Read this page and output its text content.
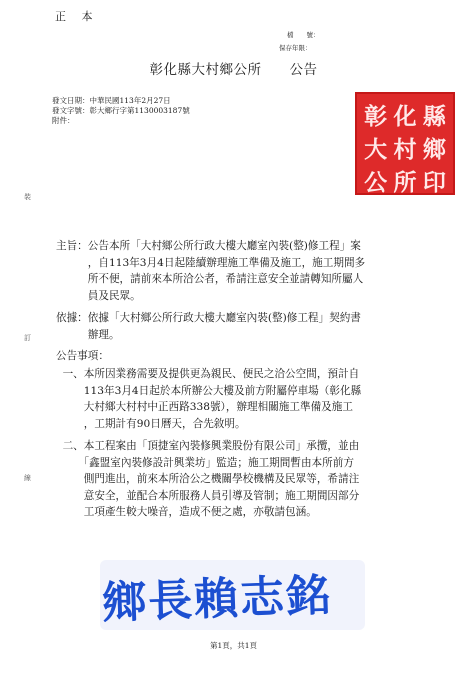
正 本
檔　　號：
保存年限：
彰化縣大村鄉公所　　公告
彰 化 縣
大 村 鄉
公 所 印
發文日期：中華民國113年2月27日
發文字號：彰大鄉行字第1130003187號
附件：
裝
訂
線
主旨：公告本所「大村鄉公所行政大樓大廳室內裝(整)修工程」案
　　　，自113年3月4日起陸續辦理施工準備及施工，施工期間多
　　　所不便，請前來本所洽公者，希請注意安全並請轉知所屬人
　　　員及民眾。
依據：依據「大村鄉公所行政大樓大廳室內裝(整)修工程」契約書
　　　辦理。
公告事項：
　一、本所因業務需要及提供更為親民、便民之洽公空間，預計自
　　　113年3月4日起於本所辦公大樓及前方附屬停車場（彰化縣
　　　大村鄉大村村中正西路338號），辦理相關施工準備及施工
　　　，工期計有90日曆天，合先敘明。
　二、本工程案由「頂捷室內裝修興業股份有限公司」承攬，並由
　　　「鑫盟室內裝修設計興業坊」監造；施工期間暫由本所前方
　　　側門進出，前來本所洽公之機關學校機構及民眾等，希請注
　　　意安全，並配合本所服務人員引導及管制；施工期間因部分
　　　工項產生較大噪音，造成不便之處，亦敬請包涵。
鄉長賴志銘
第1頁，共1頁
